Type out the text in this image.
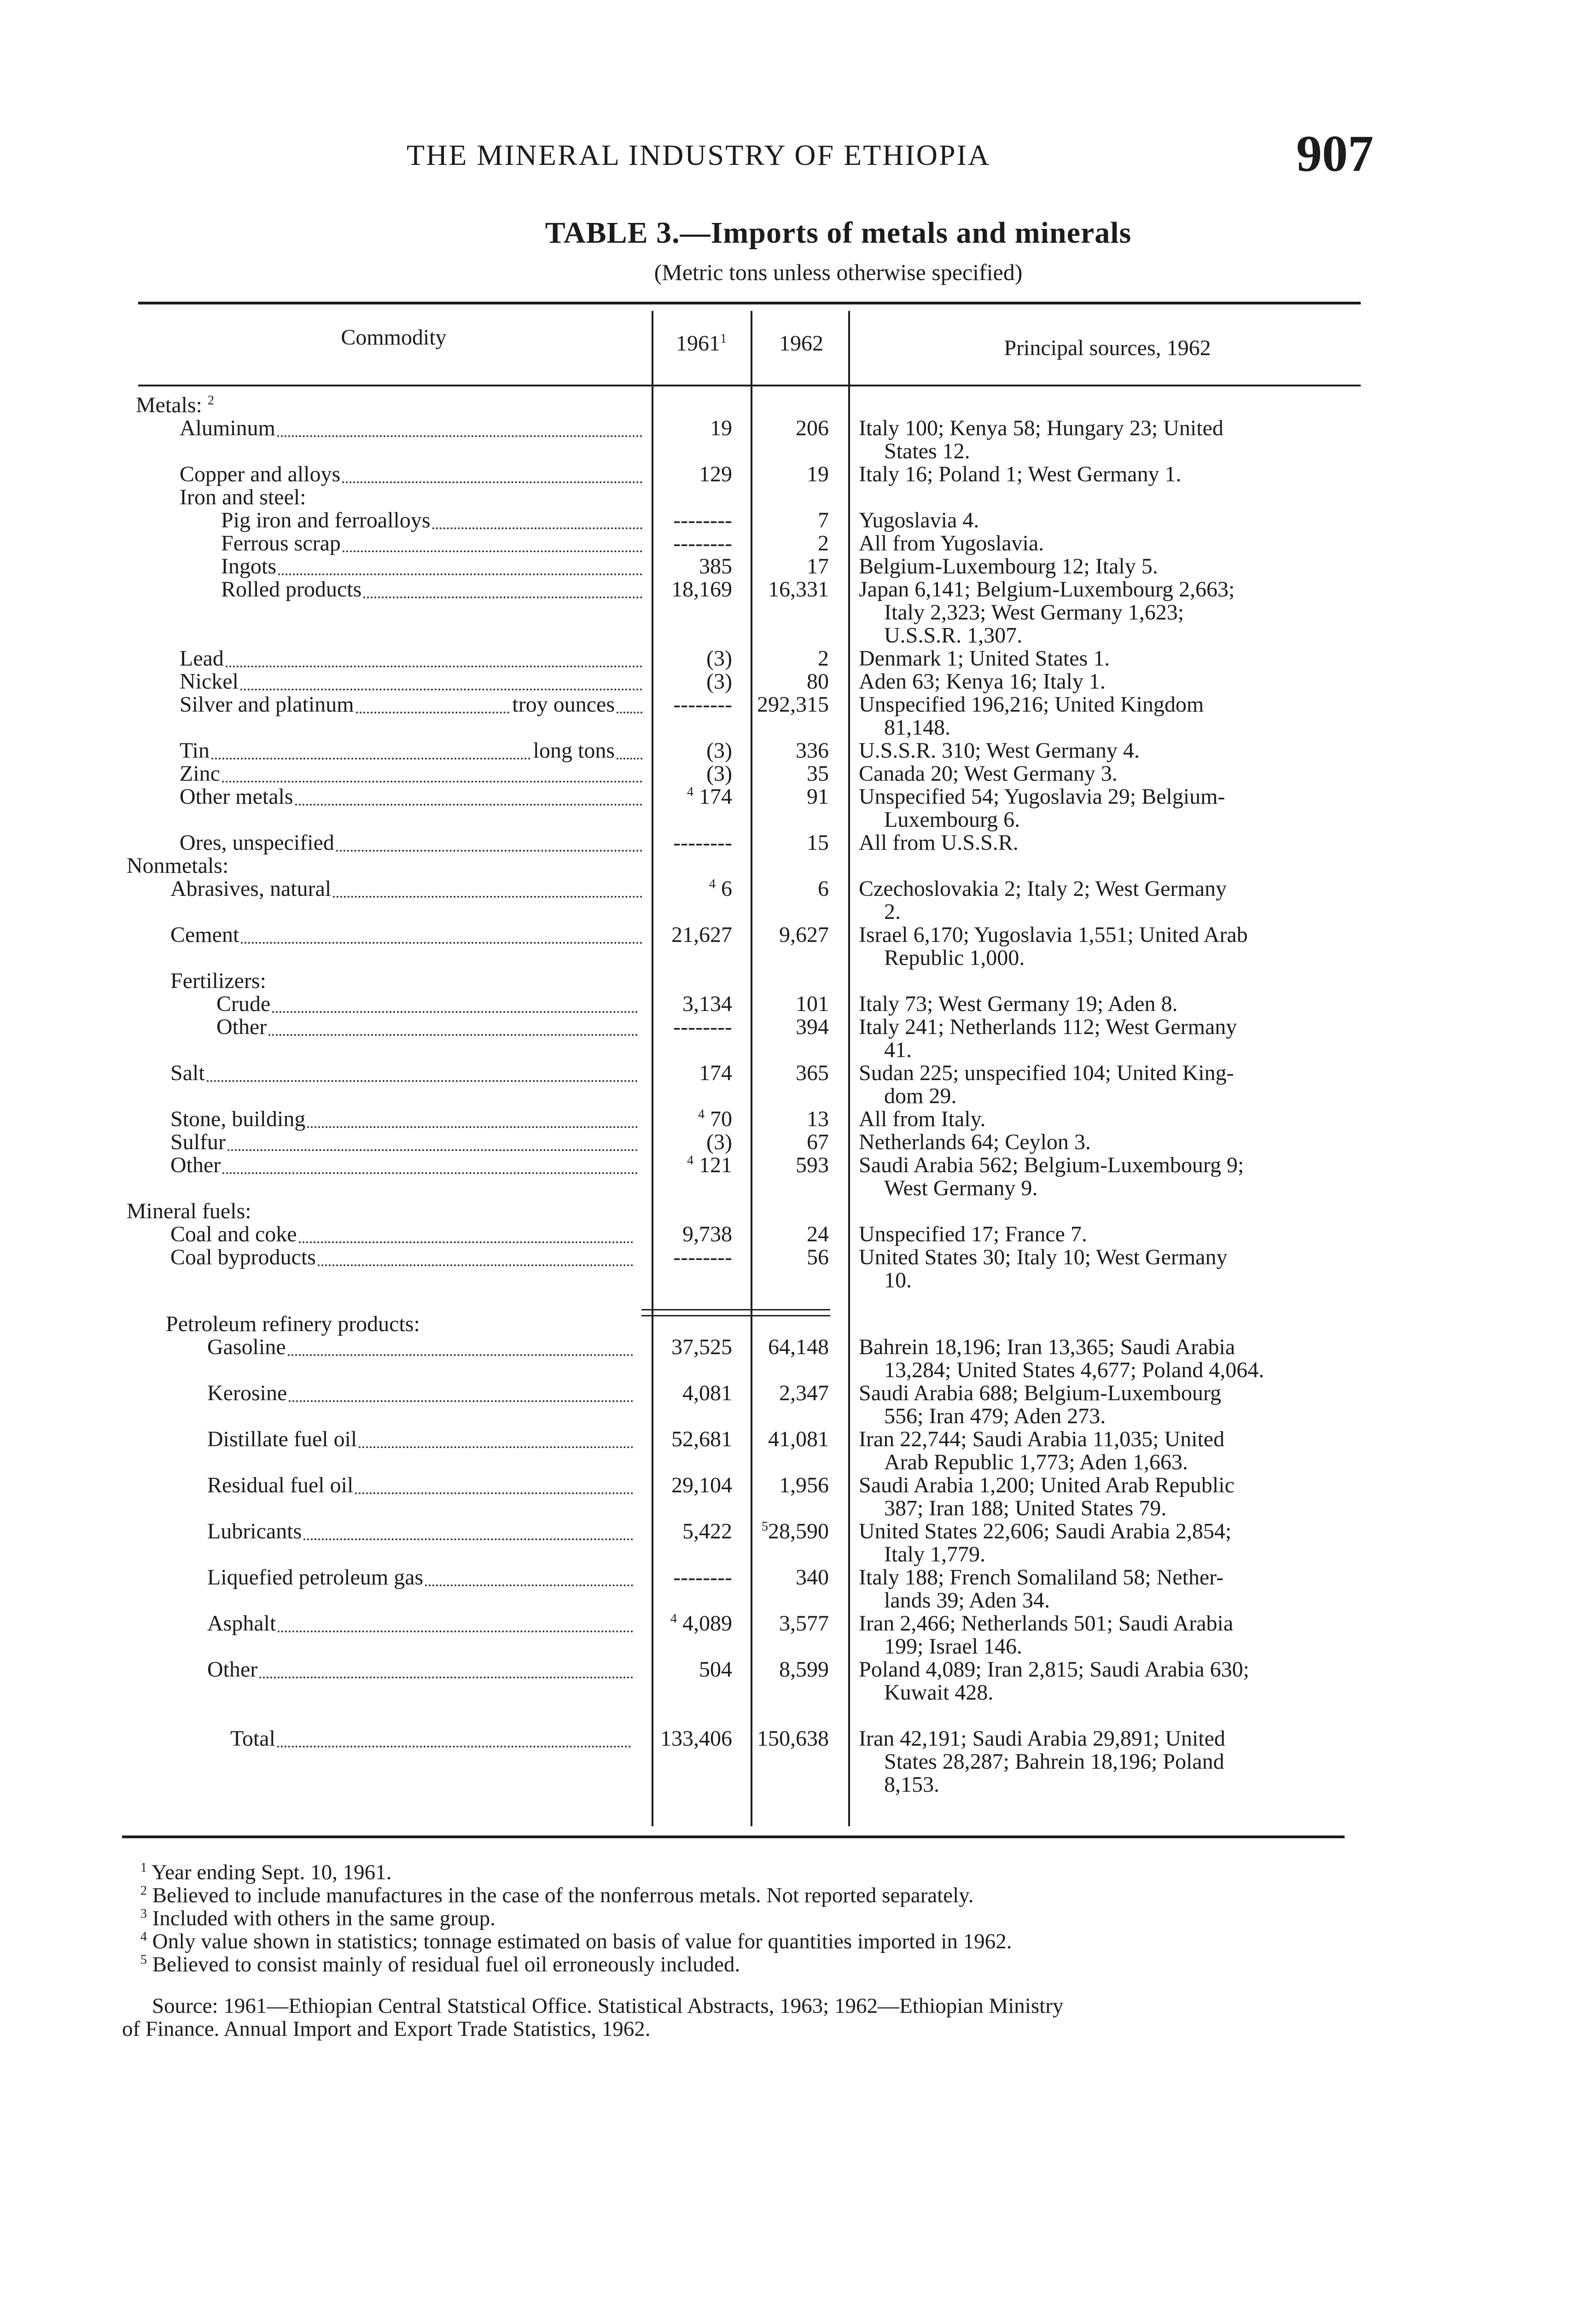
THE MINERAL INDUSTRY OF ETHIOPIA	907
TABLE 3.—Imports of metals and minerals
(Metric tons unless otherwise specified)
Commodity	1961$^1$	1962	Principal sources, 1962
Metals: $^2$
Aluminum	19	206 Italy 100; Kenya 58; Hungary 23; United
States 12.
Copper and alloys	129	19 Italy 16; Poland 1; West Germany 1.
Iron and steel:
Pig iron and ferroalloys	--------	7 Yugoslavia 4.
Ferrous scrap	--------	2 All from Yugoslavia.
Ingots	385	17 Belgium-Luxembourg 12; Italy 5.
Rolled products	18,169 16,331 Japan 6,141; Belgium-Luxembourg 2,663;
Italy 2,323; West Germany 1,623;
U.S.S.R. 1,307.
Lead	(3)	2 Denmark 1; United States 1.
Nickel	(3)	80 Aden 63; Kenya 16; Italy 1.
Silver and platinum	troy ounces	-------- 292,315 Unspecified 196,216; United Kingdom
81,148.
Tin	long tons	(3)	336 U.S.S.R. 310; West Germany 4.
Zinc	(3)	35 Canada 20; West Germany 3.
Other metals	$^4$ 174	91 Unspecified 54; Yugoslavia 29; Belgium-
Luxembourg 6.
Ores, unspecified	--------	15 All from U.S.S.R.
Nonmetals:
Abrasives, natural	$^4$ 6	6 Czechoslovakia 2; Italy 2; West Germany
2.
Cement	21,627 9,627 Israel 6,170; Yugoslavia 1,551; United Arab
Republic 1,000.
Fertilizers:
Crude	3,134	101 Italy 73; West Germany 19; Aden 8.
Other	--------	394 Italy 241; Netherlands 112; West Germany
41.
Salt	174	365 Sudan 225; unspecified 104; United King-
dom 29.
Stone, building	$^4$ 70	13 All from Italy.
Sulfur	(3)	67 Netherlands 64; Ceylon 3.
Other	$^4$ 121	593 Saudi Arabia 562; Belgium-Luxembourg 9;
West Germany 9.
Mineral fuels:
Coal and coke	9,738	24 Unspecified 17; France 7.
Coal byproducts	--------	56 United States 30; Italy 10; West Germany
10.
Petroleum refinery products:
Gasoline	37,525 64,148 Bahrein 18,196; Iran 13,365; Saudi Arabia
13,284; United States 4,677; Poland 4,064.
Kerosine	4,081 2,347 Saudi Arabia 688; Belgium-Luxembourg
556; Iran 479; Aden 273.
Distillate fuel oil	52,681 41,081 Iran 22,744; Saudi Arabia 11,035; United
Arab Republic 1,773; Aden 1,663.
Residual fuel oil	29,104 1,956 Saudi Arabia 1,200; United Arab Republic
387; Iran 188; United States 79.
Lubricants	5,422 $^5$28,590 United States 22,606; Saudi Arabia 2,854;
Italy 1,779.
Liquefied petroleum gas	--------	340 Italy 188; French Somaliland 58; Nether-
lands 39; Aden 34.
Asphalt	$^4$ 4,089 3,577 Iran 2,466; Netherlands 501; Saudi Arabia
199; Israel 146.
Other	504 8,599 Poland 4,089; Iran 2,815; Saudi Arabia 630;
Kuwait 428.
Total	133,406 150,638 Iran 42,191; Saudi Arabia 29,891; United
States 28,287; Bahrein 18,196; Poland
8,153.
$^1$ Year ending Sept. 10, 1961.
$^2$ Believed to include manufactures in the case of the nonferrous metals. Not reported separately.
$^3$ Included with others in the same group.
$^4$ Only value shown in statistics; tonnage estimated on basis of value for quantities imported in 1962.
$^5$ Believed to consist mainly of residual fuel oil erroneously included.
Source: 1961—Ethiopian Central Statstical Office. Statistical Abstracts, 1963; 1962—Ethiopian Ministry
of Finance. Annual Import and Export Trade Statistics, 1962.
